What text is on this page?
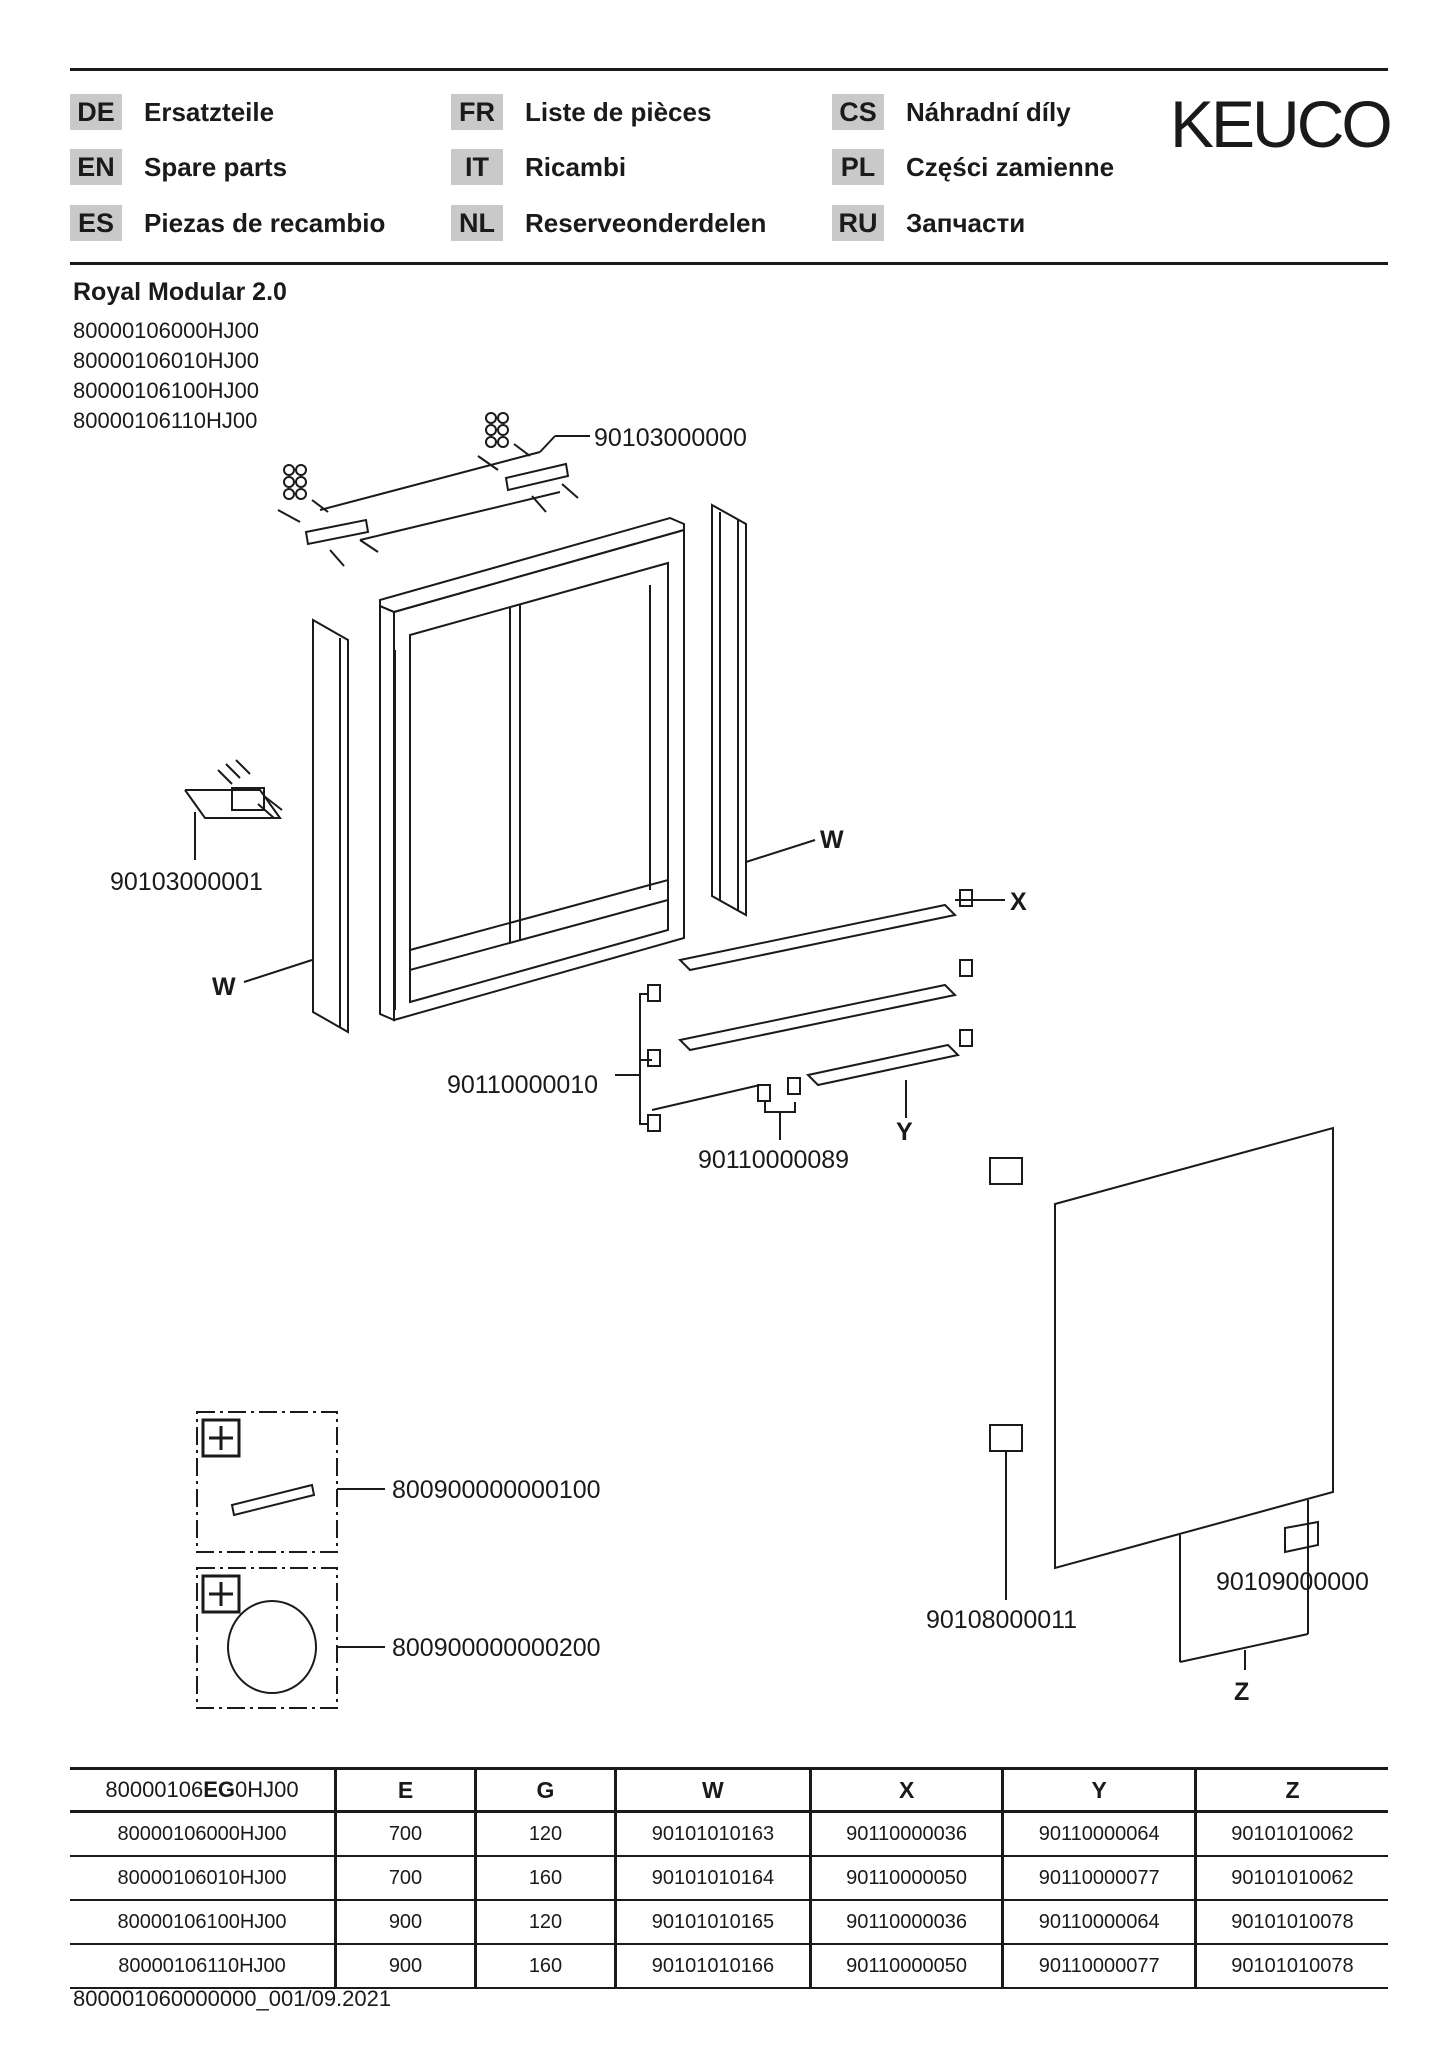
DE Ersatzteile
EN Spare parts
ES	Piezas de recambio
FR	Liste de pièces
IT	Ricambi
NL	Reserveonderdelen
CS Náhradní díly
PL	Części zamienne
RU Запчасти
KEUCO
Royal Modular 2.0
80000106000HJ00
80000106010HJ00
80000106100HJ00
80000106110HJ00
90103000000
90103000001
W
W
X
Y
90110000010
90110000089
90108000011
Z
90109000000
800900000000100
800900000000200
80000106EG0HJ00	E	G	W	X	Y	Z
80000106000HJ00	700	120	90101010163	90110000036	90110000064	90101010062
80000106010HJ00	700	160	90101010164	90110000050	90110000077	90101010062
80000106100HJ00	900	120	90101010165	90110000036	90110000064	90101010078
80000106110HJ00	900	160	90101010166	90110000050	90110000077	90101010078
800001060000000_001/09.2021
